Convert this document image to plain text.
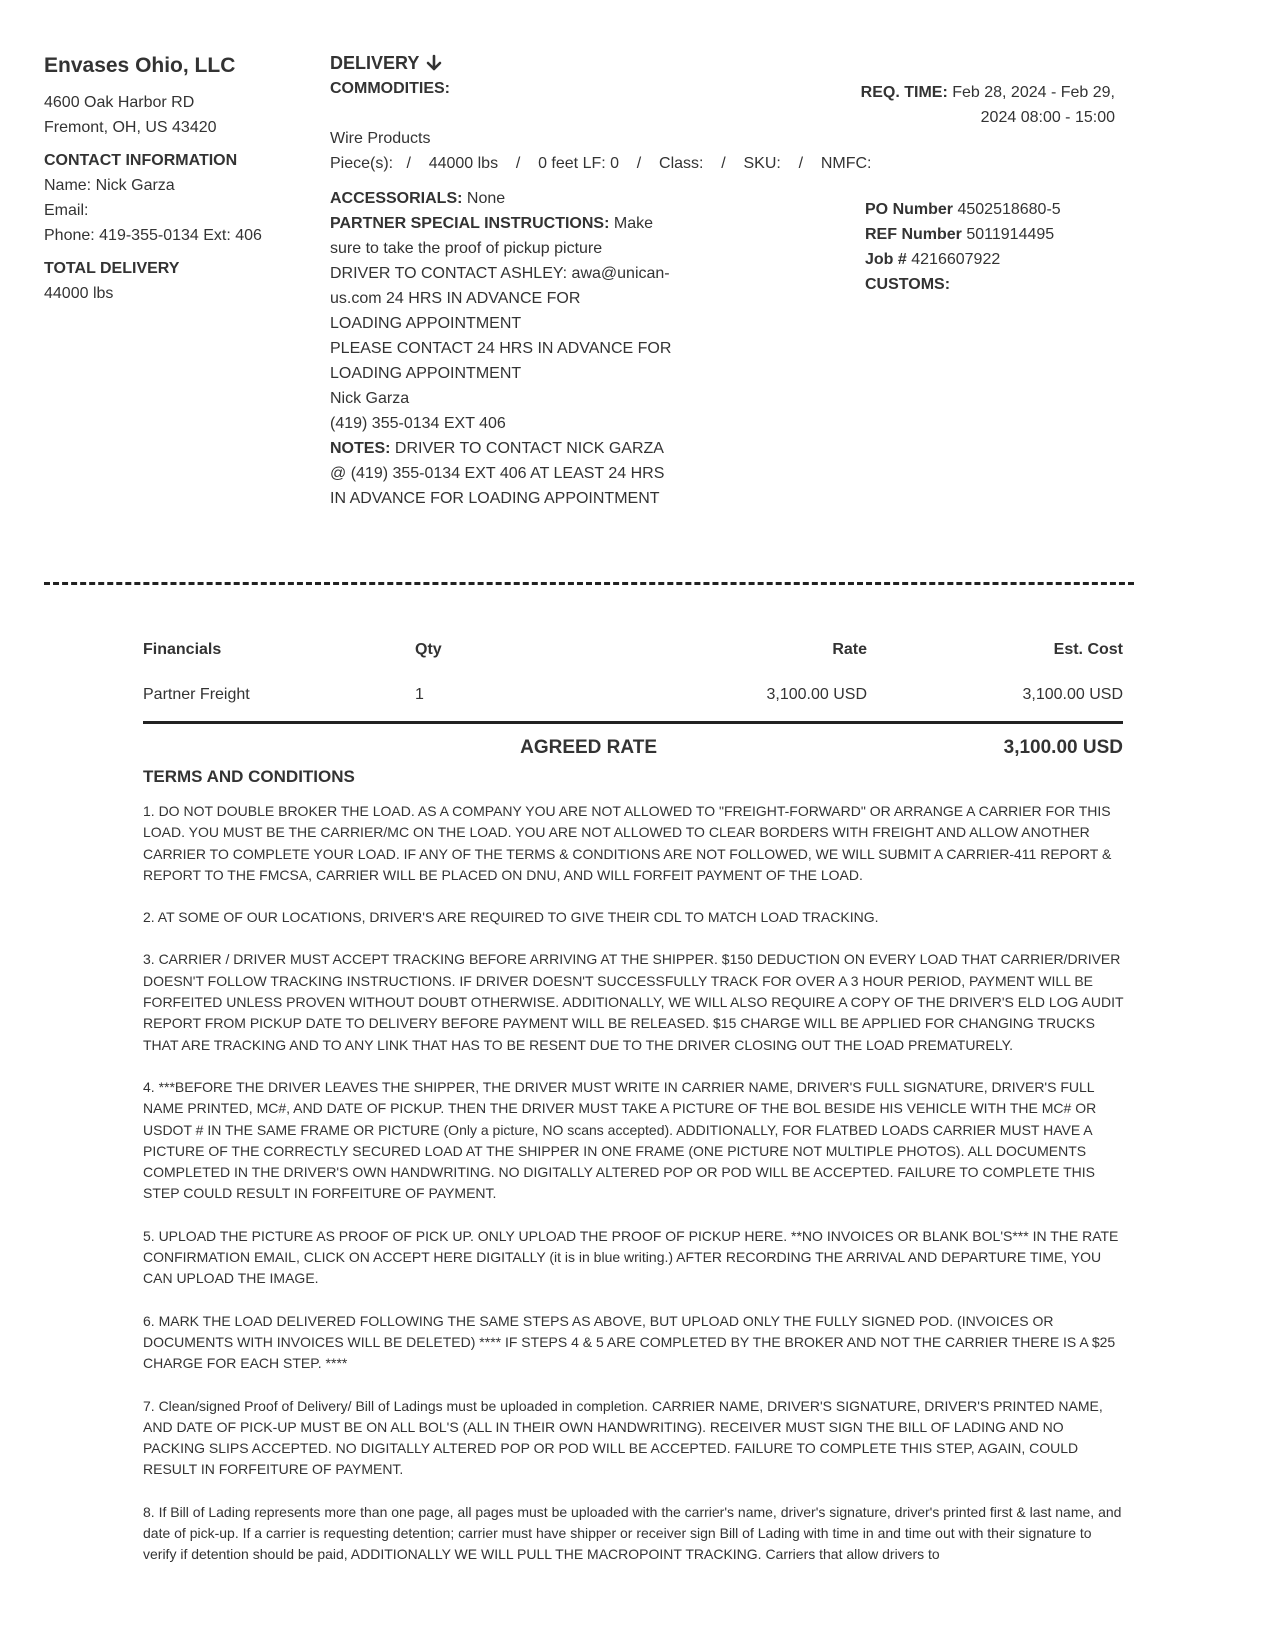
Envases Ohio, LLC
4600 Oak Harbor RD
Fremont, OH, US 43420
CONTACT INFORMATION
Name: Nick Garza
Email:
Phone: 419-355-0134 Ext: 406
TOTAL DELIVERY
44000 lbs
DELIVERY
COMMODITIES:	REQ. TIME: Feb 28, 2024 - Feb 29,
2024 08:00 - 15:00
Wire Products
Piece(s):   /    44000 lbs    /    0 feet LF: 0    /    Class:    /    SKU:    /    NMFC:
ACCESSORIALS: None
PARTNER SPECIAL INSTRUCTIONS: Make
sure to take the proof of pickup picture
DRIVER TO CONTACT ASHLEY: awa@unican-
us.com 24 HRS IN ADVANCE FOR
LOADING APPOINTMENT
PLEASE CONTACT 24 HRS IN ADVANCE FOR
LOADING APPOINTMENT
Nick Garza
(419) 355-0134 EXT 406
NOTES: DRIVER TO CONTACT NICK GARZA
@ (419) 355-0134 EXT 406 AT LEAST 24 HRS
IN ADVANCE FOR LOADING APPOINTMENT
PO Number 4502518680-5
REF Number 5011914495
Job # 4216607922
CUSTOMS:
Financials	Qty	Rate	Est. Cost
Partner Freight	1	3,100.00 USD	3,100.00 USD
AGREED RATE	3,100.00 USD
TERMS AND CONDITIONS
1. DO NOT DOUBLE BROKER THE LOAD. AS A COMPANY YOU ARE NOT ALLOWED TO "FREIGHT-FORWARD" OR ARRANGE A CARRIER FOR THIS LOAD. YOU MUST BE THE CARRIER/MC ON THE LOAD. YOU ARE NOT ALLOWED TO CLEAR BORDERS WITH FREIGHT AND ALLOW ANOTHER CARRIER TO COMPLETE YOUR LOAD. IF ANY OF THE TERMS & CONDITIONS ARE NOT FOLLOWED, WE WILL SUBMIT A CARRIER-411 REPORT & REPORT TO THE FMCSA, CARRIER WILL BE PLACED ON DNU, AND WILL FORFEIT PAYMENT OF THE LOAD.
2. AT SOME OF OUR LOCATIONS, DRIVER'S ARE REQUIRED TO GIVE THEIR CDL TO MATCH LOAD TRACKING.
3. CARRIER / DRIVER MUST ACCEPT TRACKING BEFORE ARRIVING AT THE SHIPPER. $150 DEDUCTION ON EVERY LOAD THAT CARRIER/DRIVER DOESN'T FOLLOW TRACKING INSTRUCTIONS. IF DRIVER DOESN'T SUCCESSFULLY TRACK FOR OVER A 3 HOUR PERIOD, PAYMENT WILL BE FORFEITED UNLESS PROVEN WITHOUT DOUBT OTHERWISE. ADDITIONALLY, WE WILL ALSO REQUIRE A COPY OF THE DRIVER'S ELD LOG AUDIT REPORT FROM PICKUP DATE TO DELIVERY BEFORE PAYMENT WILL BE RELEASED. $15 CHARGE WILL BE APPLIED FOR CHANGING TRUCKS THAT ARE TRACKING AND TO ANY LINK THAT HAS TO BE RESENT DUE TO THE DRIVER CLOSING OUT THE LOAD PREMATURELY.
4. ***BEFORE THE DRIVER LEAVES THE SHIPPER, THE DRIVER MUST WRITE IN CARRIER NAME, DRIVER'S FULL SIGNATURE, DRIVER'S FULL NAME PRINTED, MC#, AND DATE OF PICKUP. THEN THE DRIVER MUST TAKE A PICTURE OF THE BOL BESIDE HIS VEHICLE WITH THE MC# OR USDOT # IN THE SAME FRAME OR PICTURE (Only a picture, NO scans accepted). ADDITIONALLY, FOR FLATBED LOADS CARRIER MUST HAVE A PICTURE OF THE CORRECTLY SECURED LOAD AT THE SHIPPER IN ONE FRAME (ONE PICTURE NOT MULTIPLE PHOTOS). ALL DOCUMENTS COMPLETED IN THE DRIVER'S OWN HANDWRITING. NO DIGITALLY ALTERED POP OR POD WILL BE ACCEPTED. FAILURE TO COMPLETE THIS STEP COULD RESULT IN FORFEITURE OF PAYMENT.
5. UPLOAD THE PICTURE AS PROOF OF PICK UP. ONLY UPLOAD THE PROOF OF PICKUP HERE. **NO INVOICES OR BLANK BOL'S*** IN THE RATE CONFIRMATION EMAIL, CLICK ON ACCEPT HERE DIGITALLY (it is in blue writing.) AFTER RECORDING THE ARRIVAL AND DEPARTURE TIME, YOU CAN UPLOAD THE IMAGE.
6. MARK THE LOAD DELIVERED FOLLOWING THE SAME STEPS AS ABOVE, BUT UPLOAD ONLY THE FULLY SIGNED POD. (INVOICES OR DOCUMENTS WITH INVOICES WILL BE DELETED) **** IF STEPS 4 & 5 ARE COMPLETED BY THE BROKER AND NOT THE CARRIER THERE IS A $25 CHARGE FOR EACH STEP. ****
7. Clean/signed Proof of Delivery/ Bill of Ladings must be uploaded in completion. CARRIER NAME, DRIVER'S SIGNATURE, DRIVER'S PRINTED NAME, AND DATE OF PICK-UP MUST BE ON ALL BOL'S (ALL IN THEIR OWN HANDWRITING). RECEIVER MUST SIGN THE BILL OF LADING AND NO PACKING SLIPS ACCEPTED. NO DIGITALLY ALTERED POP OR POD WILL BE ACCEPTED. FAILURE TO COMPLETE THIS STEP, AGAIN, COULD RESULT IN FORFEITURE OF PAYMENT.
8. If Bill of Lading represents more than one page, all pages must be uploaded with the carrier's name, driver's signature, driver's printed first & last name, and date of pick-up. If a carrier is requesting detention; carrier must have shipper or receiver sign Bill of Lading with time in and time out with their signature to verify if detention should be paid, ADDITIONALLY WE WILL PULL THE MACROPOINT TRACKING. Carriers that allow drivers to
